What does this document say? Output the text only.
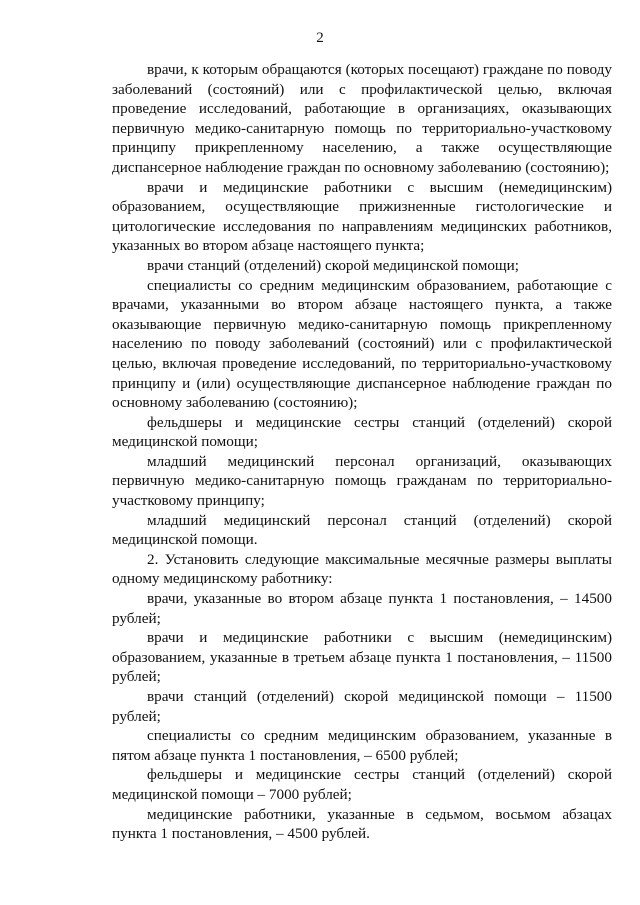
2

врачи, к которым обращаются (которых посещают) граждане по поводу заболеваний (состояний) или с профилактической целью, включая проведение исследований, работающие в организациях, оказывающих первичную медико-санитарную помощь по территориально-участковому принципу прикрепленному населению, а также осуществляющие диспансерное наблюдение граждан по основному заболеванию (состоянию);

врачи и медицинские работники с высшим (немедицинским) образованием, осуществляющие прижизненные гистологические и цитологические исследования по направлениям медицинских работников, указанных во втором абзаце настоящего пункта;

врачи станций (отделений) скорой медицинской помощи;

специалисты со средним медицинским образованием, работающие с врачами, указанными во втором абзаце настоящего пункта, а также оказывающие первичную медико-санитарную помощь прикрепленному населению по поводу заболеваний (состояний) или с профилактической целью, включая проведение исследований, по территориально-участковому принципу и (или) осуществляющие диспансерное наблюдение граждан по основному заболеванию (состоянию);

фельдшеры и медицинские сестры станций (отделений) скорой медицинской помощи;

младший медицинский персонал организаций, оказывающих первичную медико-санитарную помощь гражданам по территориально-участковому принципу;

младший медицинский персонал станций (отделений) скорой медицинской помощи.

2. Установить следующие максимальные месячные размеры выплаты одному медицинскому работнику:

врачи, указанные во втором абзаце пункта 1 постановления, – 14500 рублей;

врачи и медицинские работники с высшим (немедицинским) образованием, указанные в третьем абзаце пункта 1 постановления, – 11500 рублей;

врачи станций (отделений) скорой медицинской помощи – 11500 рублей;

специалисты со средним медицинским образованием, указанные в пятом абзаце пункта 1 постановления, – 6500 рублей;

фельдшеры и медицинские сестры станций (отделений) скорой медицинской помощи – 7000 рублей;

медицинские работники, указанные в седьмом, восьмом абзацах пункта 1 постановления, – 4500 рублей.
